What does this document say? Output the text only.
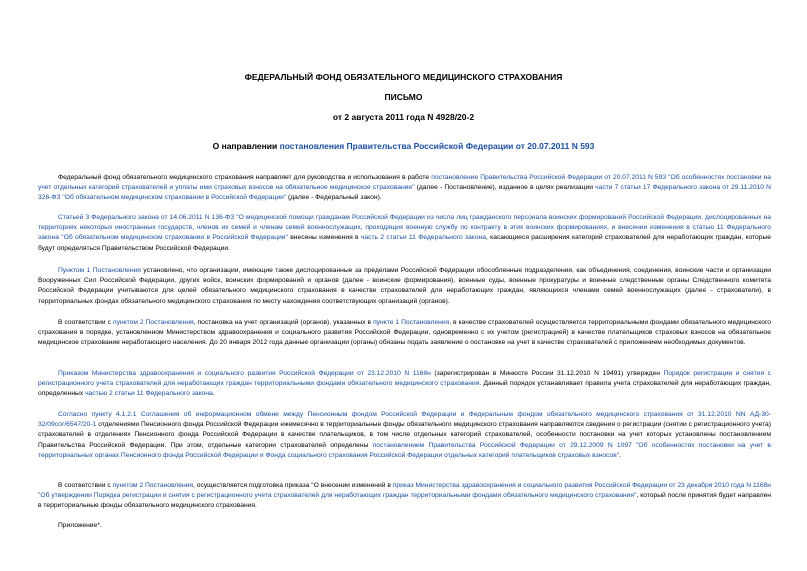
ФЕДЕРАЛЬНЫЙ ФОНД ОБЯЗАТЕЛЬНОГО МЕДИЦИНСКОГО СТРАХОВАНИЯ
ПИСЬМО
от 2 августа 2011 года N 4928/20-2
О направлении постановления Правительства Российской Федерации от 20.07.2011 N 593

Федеральный фонд обязательного медицинского страхования направляет для руководства и использования в работе постановление Правительства Российской Федерации от 20.07.2011 N 593 "Об особенностях постановки на учет отдельных категорий страхователей и уплаты ими страховых взносов на обязательное медицинское страхование" (далее - Постановление), изданное в целях реализации части 7 статьи 17 Федерального закона от 29.11.2010 N 326-ФЗ "Об обязательном медицинском страховании в Российской Федерации" (далее - Федеральный закон).

Статьей 3 Федерального закона от 14.06.2011 N 136-ФЗ "О медицинской помощи гражданам Российской Федерации из числа лиц гражданского персонала воинских формирований Российской Федерации, дислоцированных на территориях некоторых иностранных государств, членов их семей и членам семей военнослужащих, проходящих военную службу по контракту в этих воинских формированиях, и внесении изменения в статью 11 Федерального закона "Об обязательном медицинском страховании в Российской Федерации" внесены изменения в часть 2 статьи 11 Федерального закона, касающиеся расширения категорий страхователей для неработающих граждан, которые будут определяться Правительством Российской Федерации.

Пунктом 1 Постановления установлено, что организации, имеющие также дислоцированные за пределами Российской Федерации обособленные подразделения, как объединения, соединения, воинские части и организации Вооруженных Сил Российской Федерации, других войск, воинских формирований и органов (далее - воинские формирования), военные суды, военные прокуратуры и военные следственные органы Следственного комитета Российской Федерации учитываются для целей обязательного медицинского страхования в качестве страхователей для неработающих граждан, являющихся членами семей военнослужащих (далее - страхователи), в территориальных фондах обязательного медицинского страхования по месту нахождения соответствующих организаций (органов).

В соответствии с пунктом 2 Постановления, постановка на учет организаций (органов), указанных в пункте 1 Постановления, в качестве страхователей осуществляется территориальными фондами обязательного медицинского страхования в порядке, установленном Министерством здравоохранения и социального развития Российской Федерации, одновременно с их учетом (регистрацией) в качестве плательщиков страховых взносов на обязательное медицинское страхование неработающего населения. До 20 января 2012 года данные организации (органы) обязаны подать заявление о постановке на учет в качестве страхователей с приложением необходимых документов.

Приказом Министерства здравоохранения и социального развития Российской Федерации от 23.12.2010 N 1168н (зарегистрирован в Минюсте России 31.12.2010 N 19491) утвержден Порядок регистрации и снятия с регистрационного учета страхователей для неработающих граждан территориальными фондами обязательного медицинского страхования. Данный порядок устанавливает правила учета страхователей для неработающих граждан, определенных частью 2 статьи 11 Федерального закона.

Согласно пункту 4.1.2.1 Соглашения об информационном обмене между Пенсионным фондом Российской Федерации и Федеральным фондом обязательного медицинского страхования от 31.12.2010 NN АД-30-32/09сог/6547/20-1 отделениями Пенсионного фонда Российской Федерации ежемесячно в территориальные фонды обязательного медицинского страхования направляются сведения о регистрации (снятии с регистрационного учета) страхователей в отделениях Пенсионного фонда Российской Федерации в качестве плательщиков, в том числе отдельных категорий страхователей, особенности постановки на учет которых установлены постановлением Правительства Российской Федерации. При этом, отдельные категории страхователей определены постановлением Правительства Российской Федерации от 29.12.2009 N 1097 "Об особенностях постановки на учет в территориальных органах Пенсионного фонда Российской Федерации и Фонда социального страхования Российской Федерации отдельных категорий плательщиков страховых взносов".

В соответствии с пунктом 2 Постановления, осуществляется подготовка приказа "О внесении изменений в приказ Министерства здравоохранения и социального развития Российской Федерации от 23 декабря 2010 года N 1168н "Об утверждении Порядка регистрации и снятия с регистрационного учета страхователей для неработающих граждан территориальными фондами обязательного медицинского страхования", который после принятия будет направлен в территориальные фонды обязательного медицинского страхования.

Приложение*.
